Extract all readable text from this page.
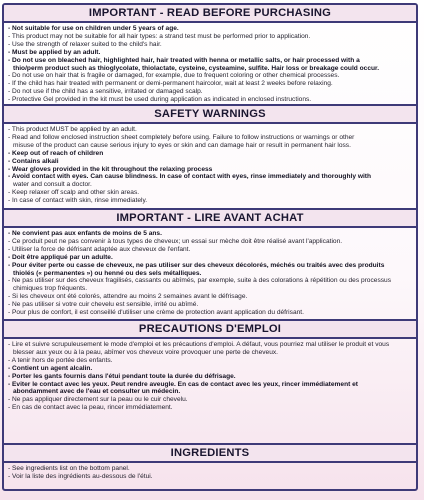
IMPORTANT - READ BEFORE PURCHASING
- Not suitable for use on children under 5 years of age.
- This product may not be suitable for all hair types: a strand test must be performed prior to application.
- Use the strength of relaxer suited to the child's hair.
- Must be applied by an adult.
- Do not use on bleached hair, highlighted hair, hair treated with henna or metallic salts, or hair processed with a
thio/perm product such as thioglycolate, thiolactate, cysteine, cysteamine, sulfite. Hair loss or breakage could occur.
- Do not use on hair that is fragile or damaged, for example, due to frequent coloring or other chemical processes.
- If the child has hair treated with permanent or demi-permanent haircolor, wait at least 2 weeks before relaxing.
- Do not use if the child has a sensitive, irritated or damaged scalp.
- Protective Gel provided in the kit must be used during application as indicated in enclosed instructions.
SAFETY WARNINGS
- This product MUST be applied by an adult.
- Read and follow enclosed instruction sheet completely before using. Failure to follow instructions or warnings or other
misuse of the product can cause serious injury to eyes or skin and can damage hair or result in permanent hair loss.
- Keep out of reach of children
- Contains alkali
- Wear gloves provided in the kit throughout the relaxing process
- Avoid contact with eyes. Can cause blindness. In case of contact with eyes, rinse immediately and thoroughly with
water and consult a doctor.
- Keep relaxer off scalp and other skin areas.
- In case of contact with skin, rinse immediately.
IMPORTANT - LIRE AVANT ACHAT
- Ne convient pas aux enfants de moins de 5 ans.
- Ce produit peut ne pas convenir à tous types de cheveux; un essai sur mèche doit être réalisé avant l'application.
- Utiliser la force de défrisant adaptée aux cheveux de l'enfant.
- Doit être appliqué par un adulte.
- Pour éviter perte ou casse de cheveux, ne pas utiliser sur des cheveux décolorés, méchés ou traités avec des produits
thiolés (« permanentes ») ou henné ou des sels métalliques.
- Ne pas utiliser sur des cheveux fragilisés, cassants ou abîmés, par exemple, suite à des colorations à répétition ou des processus
chimiques trop fréquents.
- Si les cheveux ont été colorés, attendre au moins 2 semaines avant le défrisage.
- Ne pas utiliser si votre cuir chevelu est sensible, irrité ou abîmé.
- Pour plus de confort, il est conseillé d'utiliser une crème de protection avant application du défrisant.
PRECAUTIONS D'EMPLOI
- Lire et suivre scrupuleusement le mode d'emploi et les précautions d'emploi. A défaut, vous pourriez mal utiliser le produit et vous
blesser aux yeux ou à la peau, abîmer vos cheveux voire provoquer une perte de cheveux.
- A tenir hors de portée des enfants.
- Contient un agent alcalin.
- Porter les gants fournis dans l'étui pendant toute la durée du défrisage.
- Eviter le contact avec les yeux. Peut rendre aveugle. En cas de contact avec les yeux, rincer immédiatement et
abondamment avec de l'eau et consulter un médecin.
- Ne pas appliquer directement sur la peau ou le cuir chevelu.
- En cas de contact avec la peau, rincer immédiatement.
INGREDIENTS
- See ingredients list on the bottom panel.
- Voir la liste des ingrédients au-dessous de l'étui.
